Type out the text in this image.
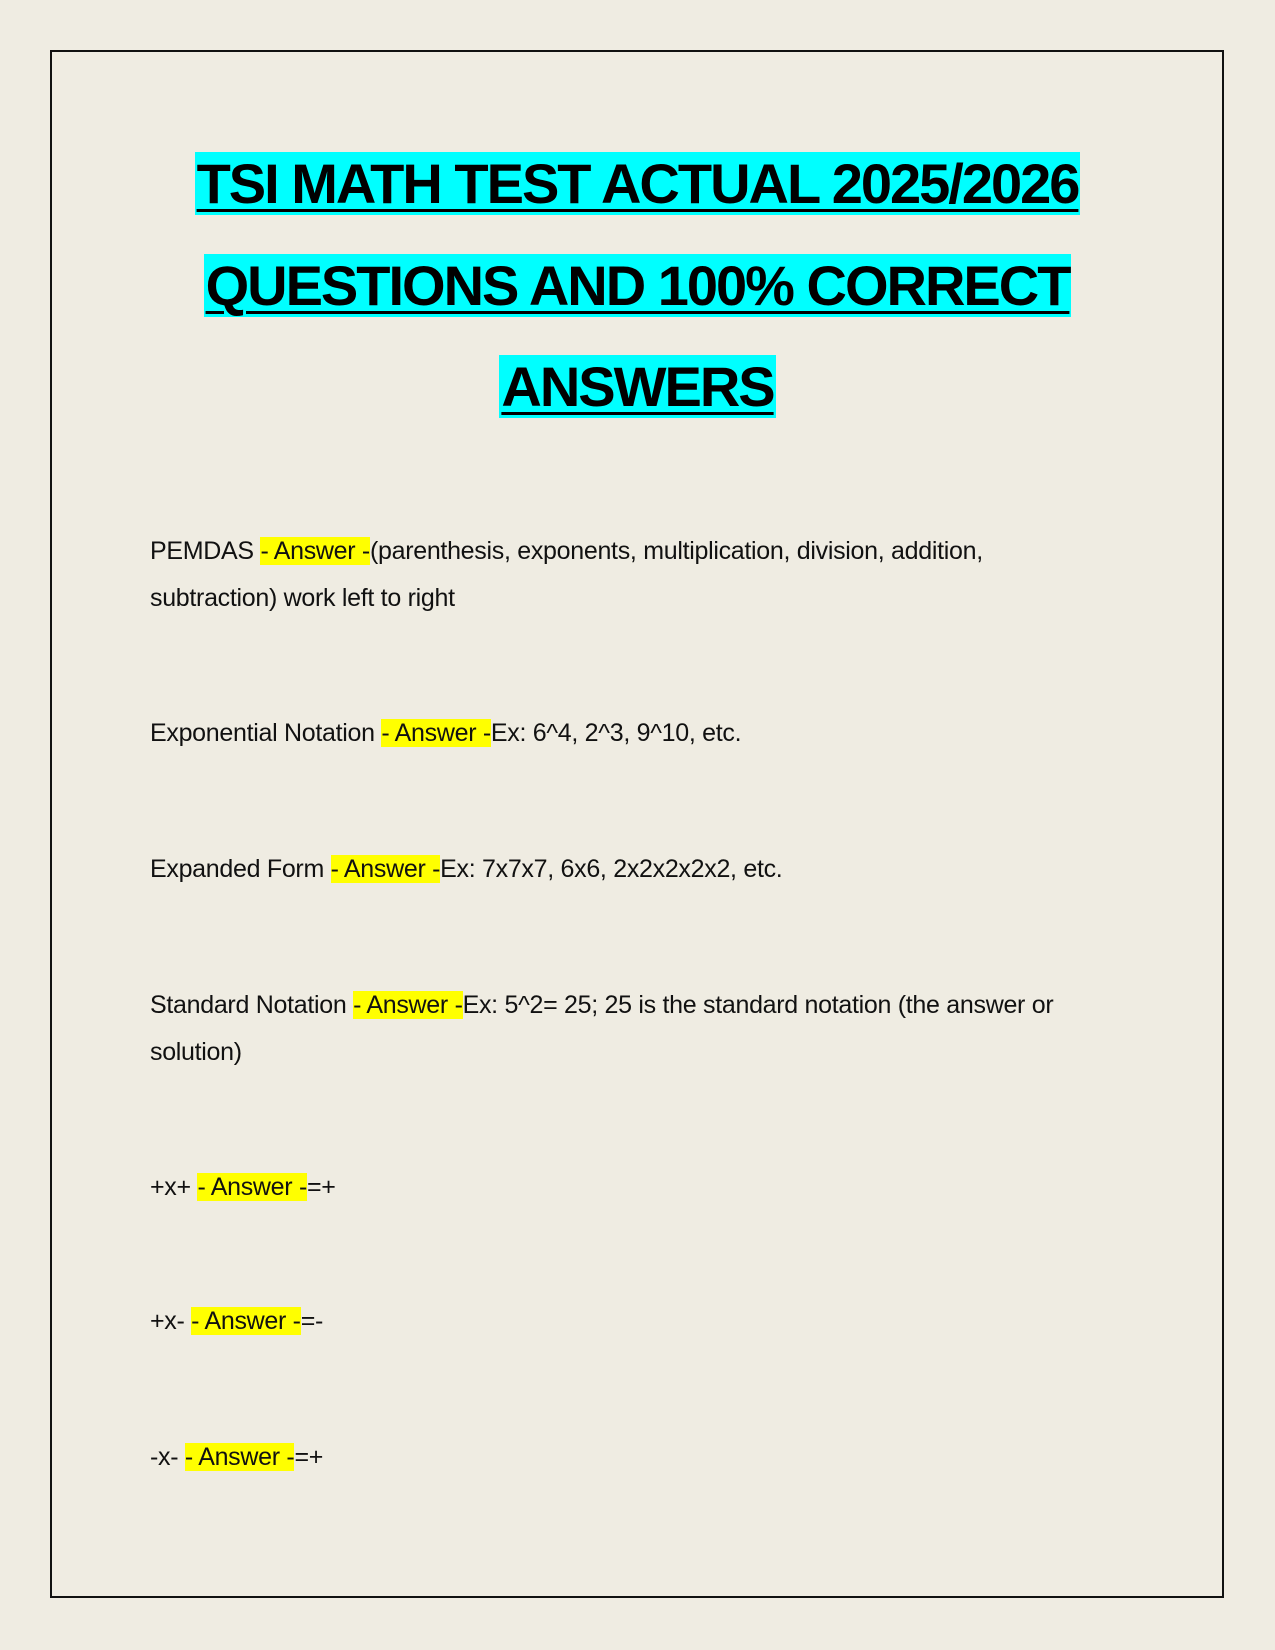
TSI MATH TEST ACTUAL 2025/2026
QUESTIONS AND 100% CORRECT
ANSWERS
PEMDAS - Answer -(parenthesis, exponents, multiplication, division, addition, subtraction) work left to right
Exponential Notation - Answer -Ex: 6^4, 2^3, 9^10, etc.
Expanded Form - Answer -Ex: 7x7x7, 6x6, 2x2x2x2x2, etc.
Standard Notation - Answer -Ex: 5^2= 25; 25 is the standard notation (the answer or solution)
+x+ - Answer -=+
+x- - Answer -=-
-x- - Answer -=+
